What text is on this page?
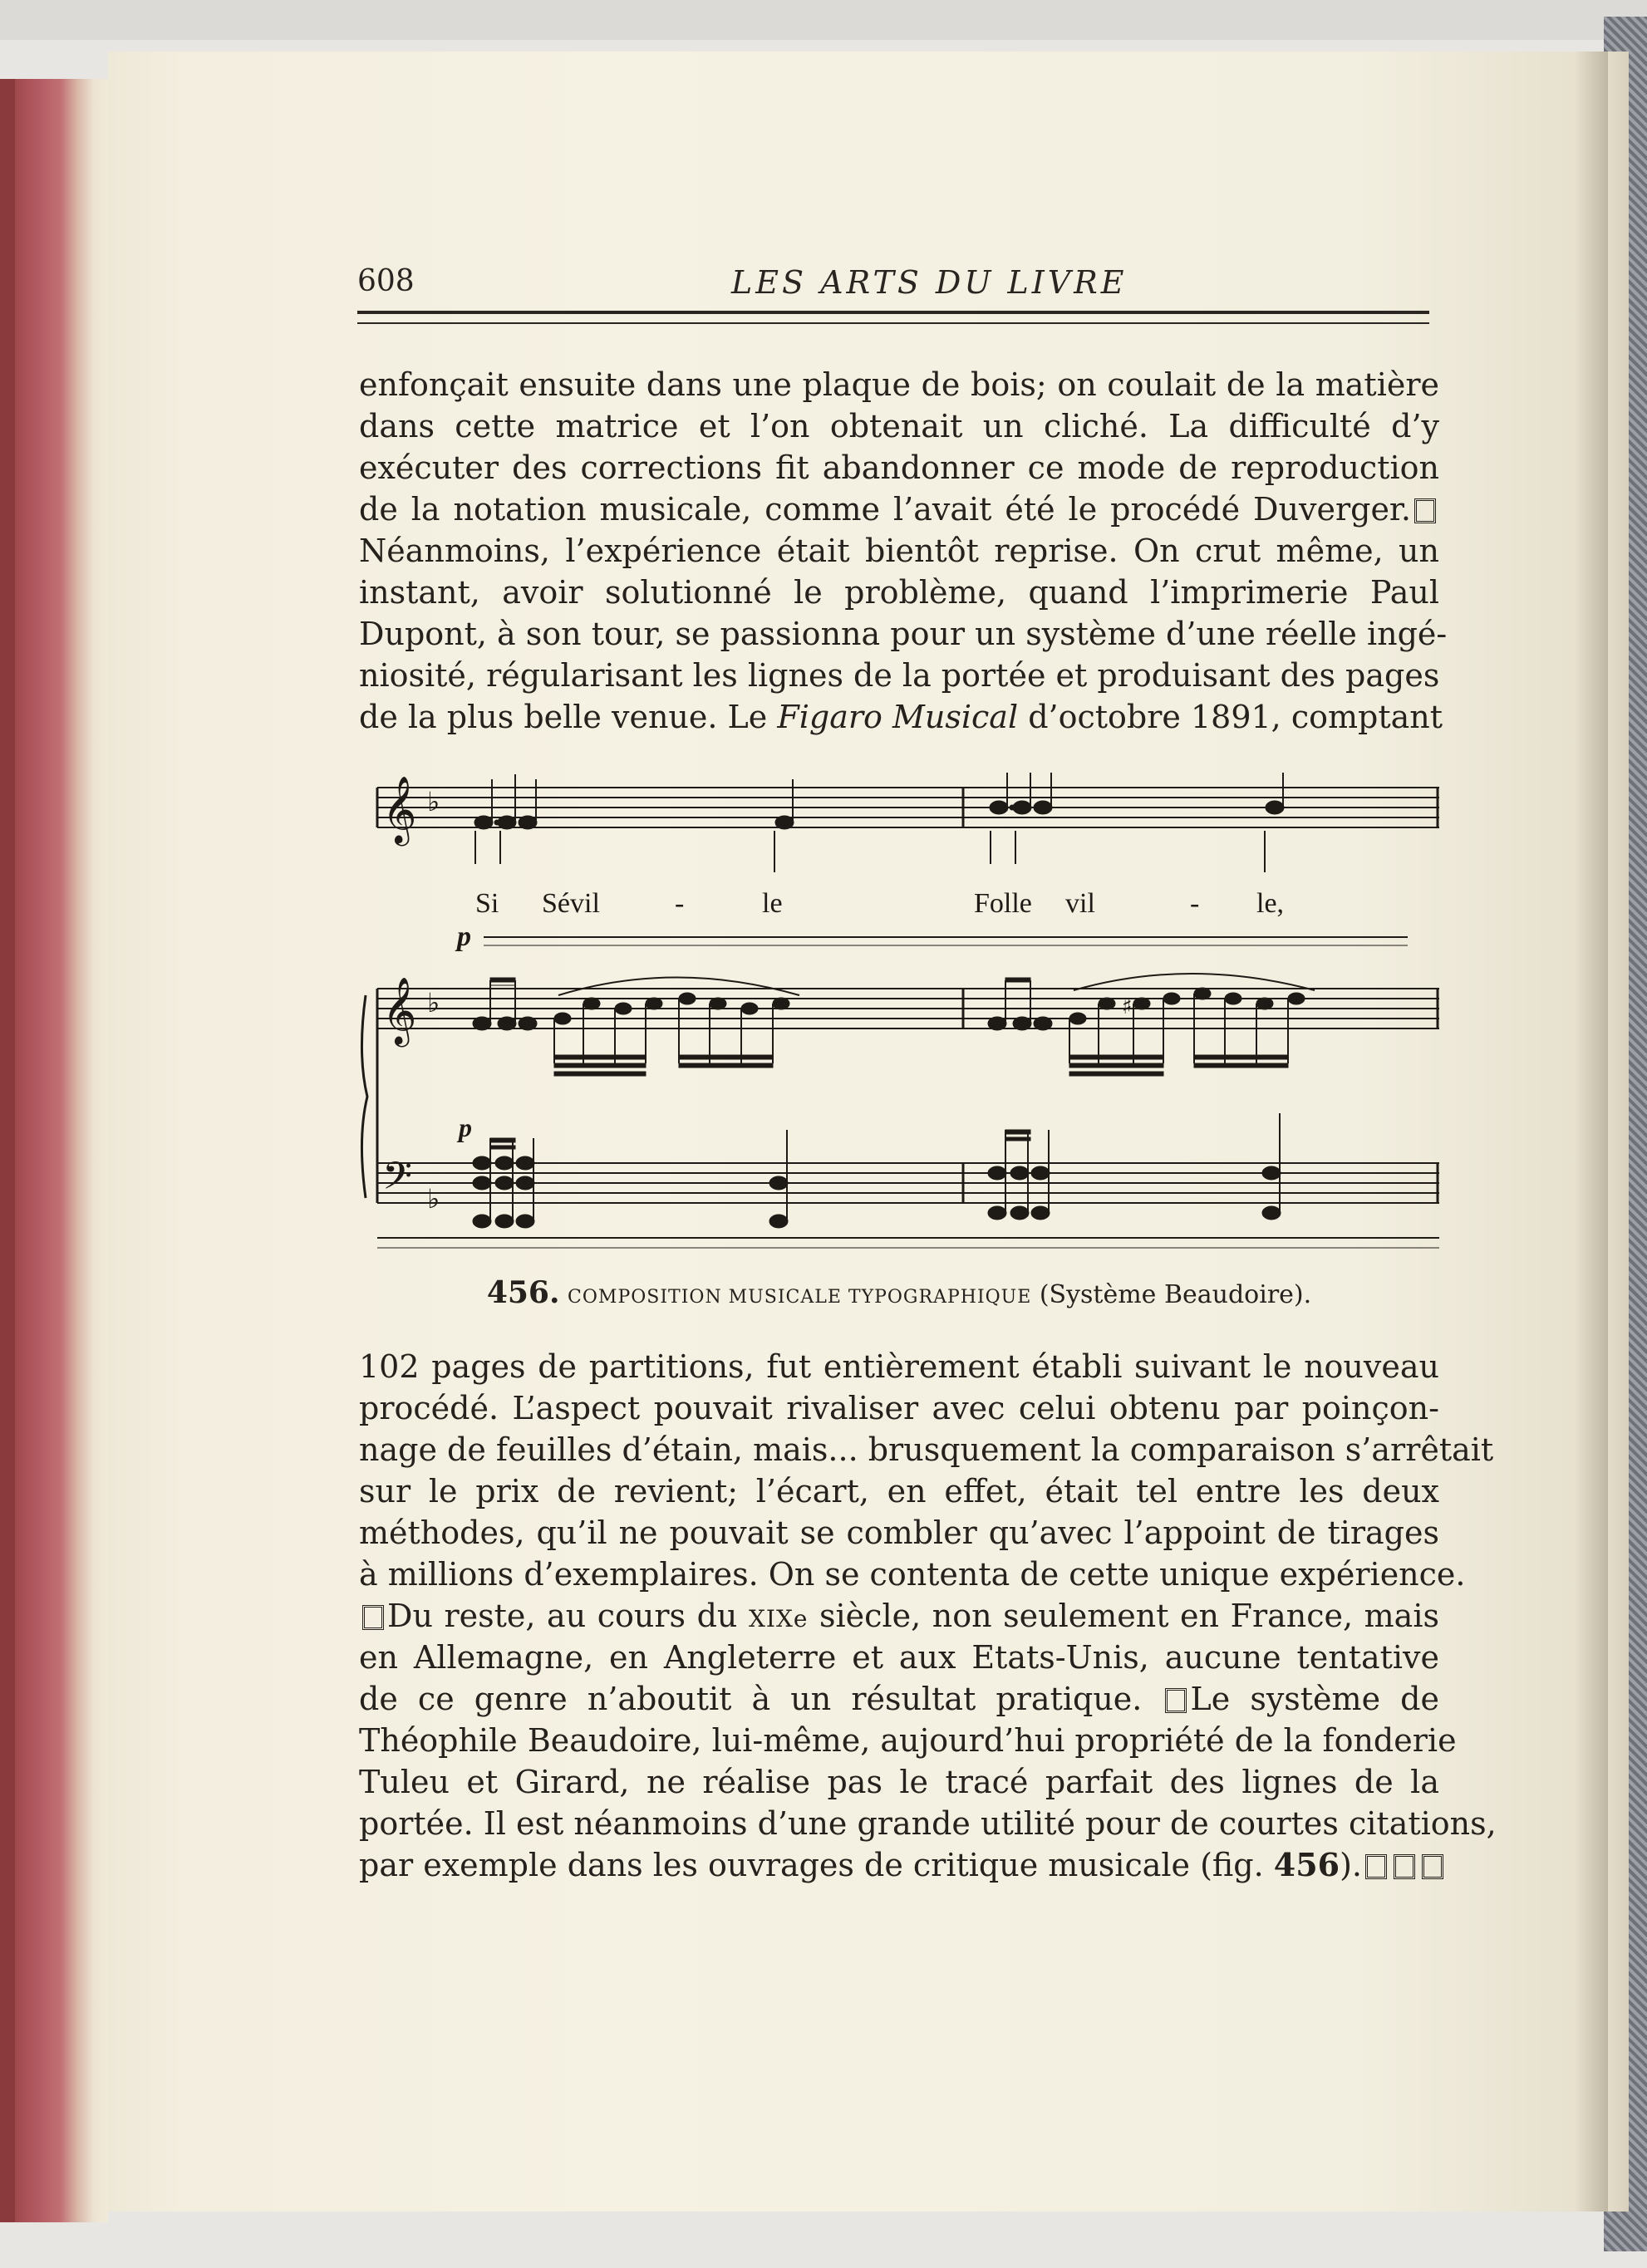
608	LES ARTS DU LIVRE
enfonçait ensuite dans une plaque de bois; on coulait de la matière
dans cette matrice et l’on obtenait un cliché. La difficulté d’y
exécuter des corrections fit abandonner ce mode de reproduction
de la notation musicale, comme l’avait été le procédé Duverger.
Néanmoins, l’expérience était bientôt reprise. On crut même, un
instant, avoir solutionné le problème, quand l’imprimerie Paul
Dupont, à son tour, se passionna pour un système d’une réelle ingé-
niosité, régularisant les lignes de la portée et produisant des pages
de la plus belle venue. Le Figaro Musical d’octobre 1891, comptant
𝄞 ♭
Si Sévil	-	le	Folle vil	- le,
p
𝄞 ♭	♯
p
𝄢 ♭
456. COMPOSITION MUSICALE TYPOGRAPHIQUE (Système Beaudoire).
102 pages de partitions, fut entièrement établi suivant le nouveau
procédé. L’aspect pouvait rivaliser avec celui obtenu par poinçon-
nage de feuilles d’étain, mais... brusquement la comparaison s’arrêtait
sur le prix de revient; l’écart, en effet, était tel entre les deux
méthodes, qu’il ne pouvait se combler qu’avec l’appoint de tirages
à millions d’exemplaires. On se contenta de cette unique expérience.
Du reste, au cours du XIXe siècle, non seulement en France, mais
en Allemagne, en Angleterre et aux Etats-Unis, aucune tentative
de ce genre n’aboutit à un résultat pratique. Le système de
Théophile Beaudoire, lui-même, aujourd’hui propriété de la fonderie
Tuleu et Girard, ne réalise pas le tracé parfait des lignes de la
portée. Il est néanmoins d’une grande utilité pour de courtes citations,
par exemple dans les ouvrages de critique musicale (fig. 456).
